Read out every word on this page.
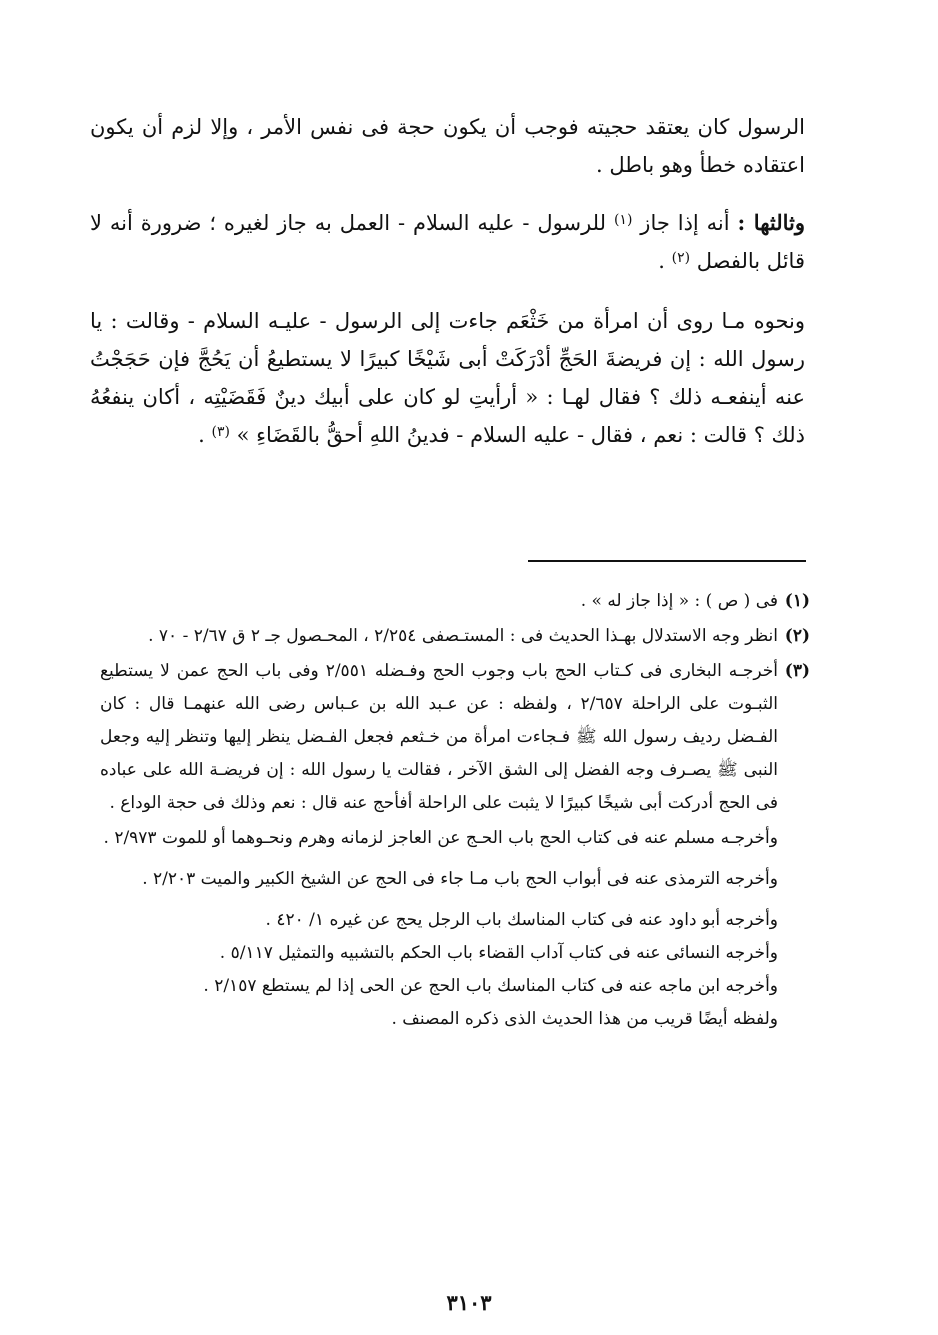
الرسول كان يعتقد حجيته فوجب أن يكون حجة فى نفس الأمر ، وإلا لزم أن يكون اعتقاده خطأ وهو باطل .

وثالثها : أنه إذا جاز $^{(١)}$ للرسول - عليه السلام - العمل به جاز لغيره ؛ ضرورة أنه لا قائل بالفصل $^{(٢)}$ .

ونحوه مـا روى أن امرأة من خَثْعَم جاءت إلى الرسول - عليـه السلام - وقالت : يا رسول الله : إن فريضةَ الحَجِّ أدْرَكَتْ أبى شَيْخًا كبيرًا لا يستطيعُ أن يَحُجَّ فإن حَجَجْتُ عنه أينفعـه ذلك ؟ فقال لهـا : « أرأيتِ لو كان على أبيك دينٌ فَقَضَيْتِه ، أكان ينفعُهُ ذلك ؟ قالت : نعم ، فقال - عليه السلام - فدينُ اللهِ أحقُّ بالقَضَاءِ » $^{(٣)}$ .

(١)
فى ( ص ) : « إذا جاز له » .
(٢)
انظر وجه الاستدلال بهـذا الحديث فى : المستـصفى ٢/٢٥٤ ، المحـصول جـ ٢ ق ٢/٦٧ - ٧٠ .
(٣)
أخرجـه البخارى فى كـتاب الحج باب وجوب الحج وفـضله ٢/٥٥١ وفى باب الحج عمن لا يستطيع الثبـوت على الراحلة ٢/٦٥٧ ، ولفظه : عن عـبد الله بن عـباس رضى الله عنهمـا قال : كان الفـضل رديف رسول الله ﷺ فـجاءت امرأة من خـثعم فجعل الفـضل ينظر إليها وتنظر إليه وجعل النبى ﷺ يصـرف وجه الفضل إلى الشق الآخر ، فقالت يا رسول الله : إن فريضـة الله على عباده فى الحج أدركت أبى شيخًا كبيرًا لا يثبت على الراحلة أفأحج عنه قال : نعم وذلك فى حجة الوداع .

وأخرجـه مسلم عنه فى كتاب الحج باب الحـج عن العاجز لزمانه وهرم ونحـوهما أو للموت ٢/٩٧٣ .

وأخرجه الترمذى عنه فى أبواب الحج باب مـا جاء فى الحج عن الشيخ الكبير والميت ٢/٢٠٣ .

وأخرجه أبو داود عنه فى كتاب المناسك باب الرجل يحج عن غيره ١/ ٤٢٠ .

وأخرجه النسائى عنه فى كتاب آداب القضاء باب الحكم بالتشبيه والتمثيل ٥/١١٧ .

وأخرجه ابن ماجه عنه فى كتاب المناسك باب الحج عن الحى إذا لم يستطع ٢/١٥٧ .

ولفظه أيضًا قريب من هذا الحديث الذى ذكره المصنف .

٣١٠٣
